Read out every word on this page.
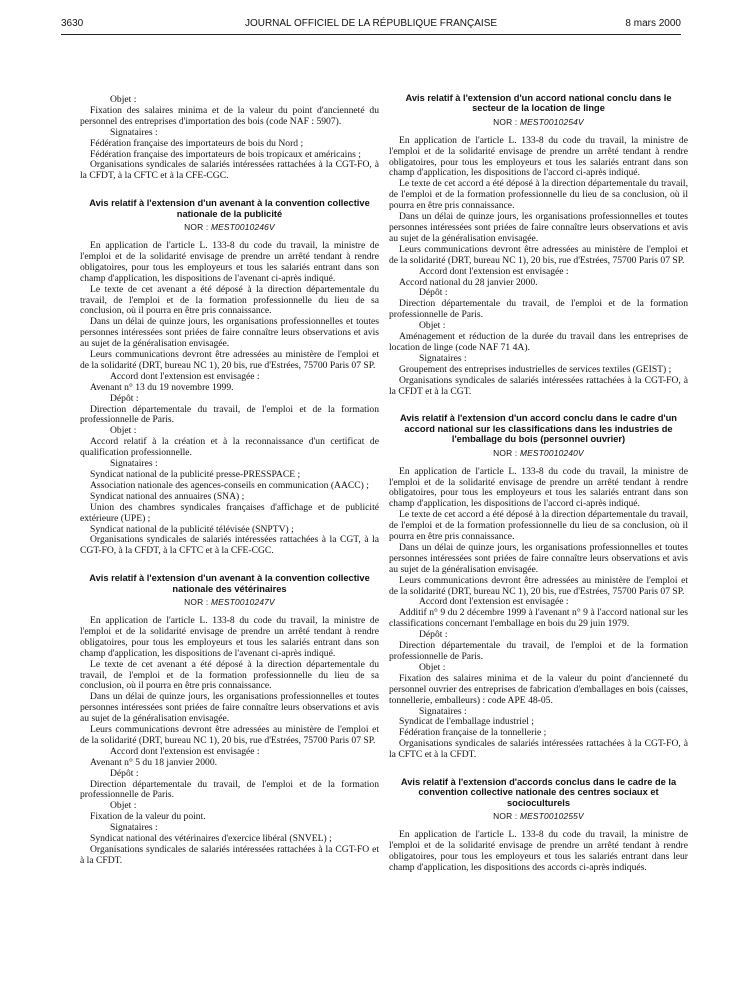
3630	JOURNAL OFFICIEL DE LA RÉPUBLIQUE FRANÇAISE	8 mars 2000

Objet :

Fixation des salaires minima et de la valeur du point d'ancienneté du personnel des entreprises d'importation des bois (code NAF : 5907).

Signataires :

Fédération française des importateurs de bois du Nord ;

Fédération française des importateurs de bois tropicaux et américains ;

Organisations syndicales de salariés intéressées rattachées à la CGT-FO, à la CFDT, à la CFTC et à la CFE-CGC.

Avis relatif à l'extension d'un avenant à la convention collective nationale de la publicité

NOR : MEST0010246V

En application de l'article L. 133-8 du code du travail, la ministre de l'emploi et de la solidarité envisage de prendre un arrêté tendant à rendre obligatoires, pour tous les employeurs et tous les salariés entrant dans son champ d'application, les dispositions de l'avenant ci-après indiqué.

Le texte de cet avenant a été déposé à la direction départementale du travail, de l'emploi et de la formation professionnelle du lieu de sa conclusion, où il pourra en être pris connaissance.

Dans un délai de quinze jours, les organisations professionnelles et toutes personnes intéressées sont priées de faire connaître leurs observations et avis au sujet de la généralisation envisagée.

Leurs communications devront être adressées au ministère de l'emploi et de la solidarité (DRT, bureau NC 1), 20 bis, rue d'Estrées, 75700 Paris 07 SP.

Accord dont l'extension est envisagée :

Avenant n° 13 du 19 novembre 1999.

Dépôt :

Direction départementale du travail, de l'emploi et de la formation professionnelle de Paris.

Objet :

Accord relatif à la création et à la reconnaissance d'un certificat de qualification professionnelle.

Signataires :

Syndicat national de la publicité presse-PRESSPACE ;

Association nationale des agences-conseils en communication (AACC) ;

Syndicat national des annuaires (SNA) ;

Union des chambres syndicales françaises d'affichage et de publicité extérieure (UPE) ;

Syndicat national de la publicité télévisée (SNPTV) ;

Organisations syndicales de salariés intéressées rattachées à la CGT, à la CGT-FO, à la CFDT, à la CFTC et à la CFE-CGC.

Avis relatif à l'extension d'un avenant à la convention collective nationale des vétérinaires

NOR : MEST0010247V

En application de l'article L. 133-8 du code du travail, la ministre de l'emploi et de la solidarité envisage de prendre un arrêté tendant à rendre obligatoires, pour tous les employeurs et tous les salariés entrant dans son champ d'application, les dispositions de l'avenant ci-après indiqué.

Le texte de cet avenant a été déposé à la direction départementale du travail, de l'emploi et de la formation professionnelle du lieu de sa conclusion, où il pourra en être pris connaissance.

Dans un délai de quinze jours, les organisations professionnelles et toutes personnes intéressées sont priées de faire connaître leurs observations et avis au sujet de la généralisation envisagée.

Leurs communications devront être adressées au ministère de l'emploi et de la solidarité (DRT, bureau NC 1), 20 bis, rue d'Estrées, 75700 Paris 07 SP.

Accord dont l'extension est envisagée :

Avenant n° 5 du 18 janvier 2000.

Dépôt :

Direction départementale du travail, de l'emploi et de la formation professionnelle de Paris.

Objet :

Fixation de la valeur du point.

Signataires :

Syndicat national des vétérinaires d'exercice libéral (SNVEL) ;

Organisations syndicales de salariés intéressées rattachées à la CGT-FO et à la CFDT.

Avis relatif à l'extension d'un accord national conclu dans le secteur de la location de linge

NOR : MEST0010254V

En application de l'article L. 133-8 du code du travail, la ministre de l'emploi et de la solidarité envisage de prendre un arrêté tendant à rendre obligatoires, pour tous les employeurs et tous les salariés entrant dans son champ d'application, les dispositions de l'accord ci-après indiqué.

Le texte de cet accord a été déposé à la direction départementale du travail, de l'emploi et de la formation professionnelle du lieu de sa conclusion, où il pourra en être pris connaissance.

Dans un délai de quinze jours, les organisations professionnelles et toutes personnes intéressées sont priées de faire connaître leurs observations et avis au sujet de la généralisation envisagée.

Leurs communications devront être adressées au ministère de l'emploi et de la solidarité (DRT, bureau NC 1), 20 bis, rue d'Estrées, 75700 Paris 07 SP.

Accord dont l'extension est envisagée :

Accord national du 28 janvier 2000.

Dépôt :

Direction départementale du travail, de l'emploi et de la formation professionnelle de Paris.

Objet :

Aménagement et réduction de la durée du travail dans les entreprises de location de linge (code NAF 71 4A).

Signataires :

Groupement des entreprises industrielles de services textiles (GEIST) ;

Organisations syndicales de salariés intéressées rattachées à la CGT-FO, à la CFDT et à la CGT.

Avis relatif à l'extension d'un accord conclu dans le cadre d'un accord national sur les classifications dans les industries de l'emballage du bois (personnel ouvrier)

NOR : MEST0010240V

En application de l'article L. 133-8 du code du travail, la ministre de l'emploi et de la solidarité envisage de prendre un arrêté tendant à rendre obligatoires, pour tous les employeurs et tous les salariés entrant dans son champ d'application, les dispositions de l'accord ci-après indiqué.

Le texte de cet accord a été déposé à la direction départementale du travail, de l'emploi et de la formation professionnelle du lieu de sa conclusion, où il pourra en être pris connaissance.

Dans un délai de quinze jours, les organisations professionnelles et toutes personnes intéressées sont priées de faire connaître leurs observations et avis au sujet de la généralisation envisagée.

Leurs communications devront être adressées au ministère de l'emploi et de la solidarité (DRT, bureau NC 1), 20 bis, rue d'Estrées, 75700 Paris 07 SP.

Accord dont l'extension est envisagée :

Additif n° 9 du 2 décembre 1999 à l'avenant n° 9 à l'accord national sur les classifications concernant l'emballage en bois du 29 juin 1979.

Dépôt :

Direction départementale du travail, de l'emploi et de la formation professionnelle de Paris.

Objet :

Fixation des salaires minima et de la valeur du point d'ancienneté du personnel ouvrier des entreprises de fabrication d'emballages en bois (caisses, tonnellerie, emballeurs) : code APE 48-05.

Signataires :

Syndicat de l'emballage industriel ;

Fédération française de la tonnellerie ;

Organisations syndicales de salariés intéressées rattachées à la CGT-FO, à la CFTC et à la CFDT.

Avis relatif à l'extension d'accords conclus dans le cadre de la convention collective nationale des centres sociaux et socioculturels

NOR : MEST0010255V

En application de l'article L. 133-8 du code du travail, la ministre de l'emploi et de la solidarité envisage de prendre un arrêté tendant à rendre obligatoires, pour tous les employeurs et tous les salariés entrant dans leur champ d'application, les dispositions des accords ci-après indiqués.
